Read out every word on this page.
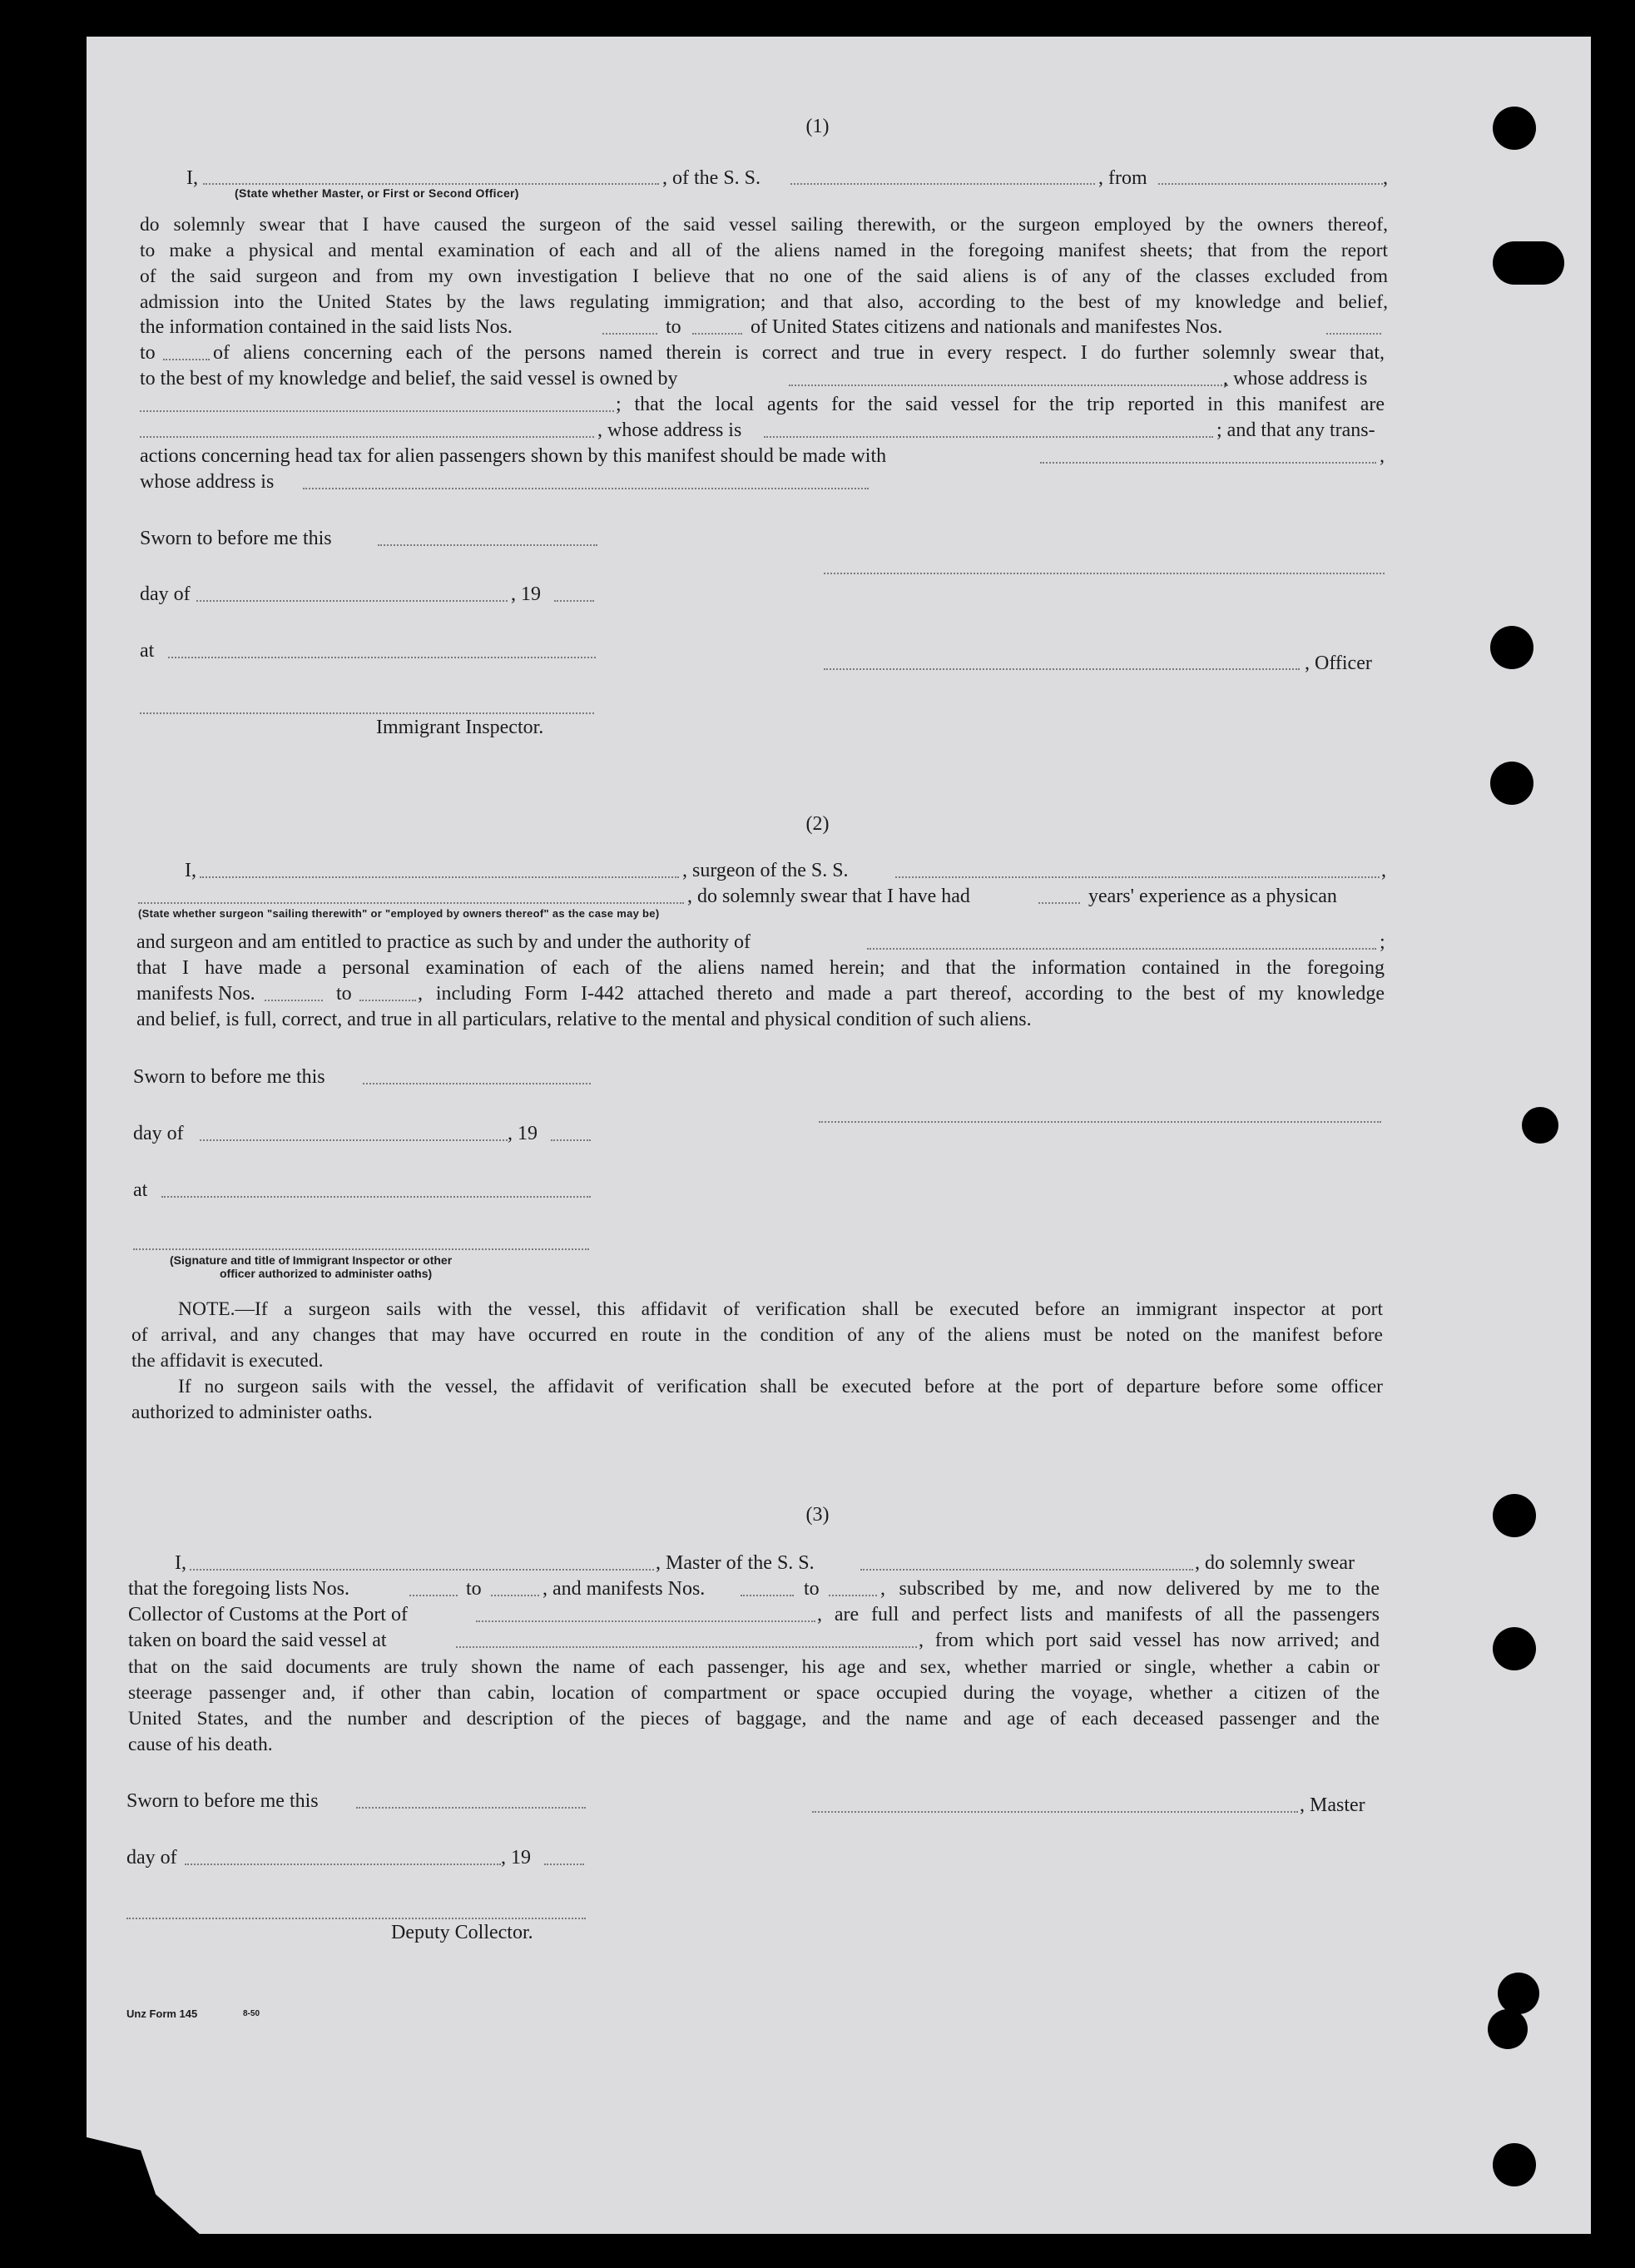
(1)
I,	, of the S. S.	, from	,
(State whether Master, or First or Second Officer)
do solemnly swear that I have caused the surgeon of the said vessel sailing therewith, or the surgeon employed by the owners thereof,
to make a physical and mental examination of each and all of the aliens named in the foregoing manifest sheets; that from the report
of the said surgeon and from my own investigation I believe that no one of the said aliens is of any of the classes excluded from
admission into the United States by the laws regulating immigration; and that also, according to the best of my knowledge and belief,
the information contained in the said lists Nos.	to	of United States citizens and nationals and manifestes Nos.
to	of aliens concerning each of the persons named therein is correct and true in every respect. I do further solemnly swear that,
to the best of my knowledge and belief, the said vessel is owned by	, whose address is
; that the local agents for the said vessel for the trip reported in this manifest are
, whose address is	; and that any trans-
actions concerning head tax for alien passengers shown by this manifest should be made with	,
whose address is
Sworn to before me this
day of	, 19
at
, Officer
Immigrant Inspector.
(2)
I,	, surgeon of the S. S.	,
, do solemnly swear that I have had	years' experience as a physican
(State whether surgeon "sailing therewith" or "employed by owners thereof" as the case may be)
and surgeon and am entitled to practice as such by and under the authority of	;
that I have made a personal examination of each of the aliens named herein; and that the information contained in the foregoing
manifests Nos.	to	, including Form I-442 attached thereto and made a part thereof, according to the best of my knowledge
and belief, is full, correct, and true in all particulars, relative to the mental and physical condition of such aliens.
Sworn to before me this
day of	, 19
at
(Signature and title of Immigrant Inspector or other
officer authorized to administer oaths)
NOTE.—If a surgeon sails with the vessel, this affidavit of verification shall be executed before an immigrant inspector at port
of arrival, and any changes that may have occurred en route in the condition of any of the aliens must be noted on the manifest before
the affidavit is executed.
If no surgeon sails with the vessel, the affidavit of verification shall be executed before at the port of departure before some officer
authorized to administer oaths.
(3)
I,	, Master of the S. S.	, do solemnly swear
that the foregoing lists Nos.	to	, and manifests Nos.	to	, subscribed by me, and now delivered by me to the
Collector of Customs at the Port of	, are full and perfect lists and manifests of all the passengers
taken on board the said vessel at	, from which port said vessel has now arrived; and
that on the said documents are truly shown the name of each passenger, his age and sex, whether married or single, whether a cabin or
steerage passenger and, if other than cabin, location of compartment or space occupied during the voyage, whether a citizen of the
United States, and the number and description of the pieces of baggage, and the name and age of each deceased passenger and the
cause of his death.
Sworn to before me this	, Master
day of	, 19
Deputy Collector.
Unz Form 145	8-50
